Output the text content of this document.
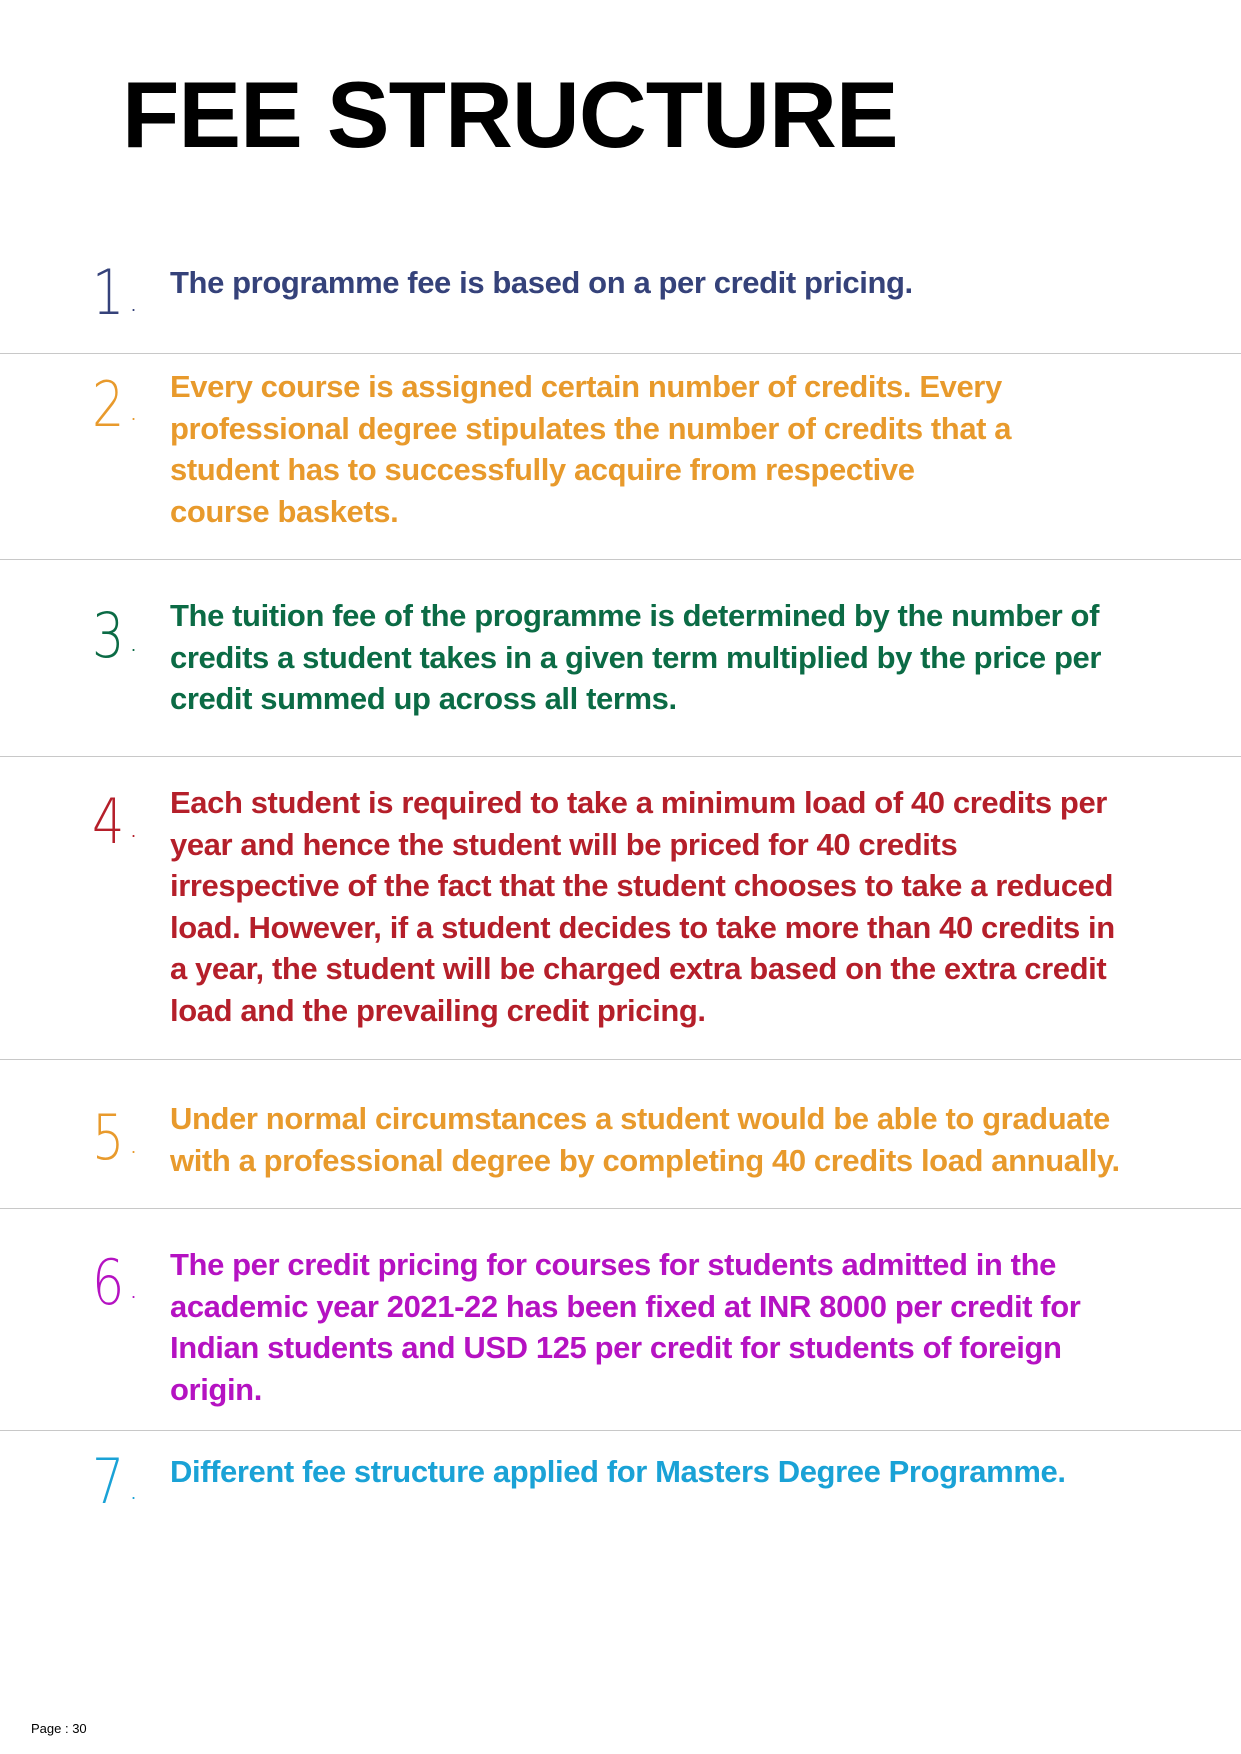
FEE STRUCTURE
1 .

The programme fee is based on a per credit pricing.

2 .

Every course is assigned certain number of credits. Every
professional degree stipulates the number of credits that a
student has to successfully acquire from respective
course baskets.

3 .

The tuition fee of the programme is determined by the number of
credits a student takes in a given term multiplied by the price per
credit summed up across all terms.

4 .

Each student is required to take a minimum load of 40 credits per
year and hence the student will be priced for 40 credits
irrespective of the fact that the student chooses to take a reduced
load. However, if a student decides to take more than 40 credits in
a year, the student will be charged extra based on the extra credit
load and the prevailing credit pricing.

5 .

Under normal circumstances a student would be able to graduate
with a professional degree by completing 40 credits load annually.

6 .

The per credit pricing for courses for students admitted in the
academic year 2021-22 has been fixed at INR 8000 per credit for
Indian students and USD 125 per credit for students of foreign
origin.

7 .

Different fee structure applied for Masters Degree Programme.

Page : 30
